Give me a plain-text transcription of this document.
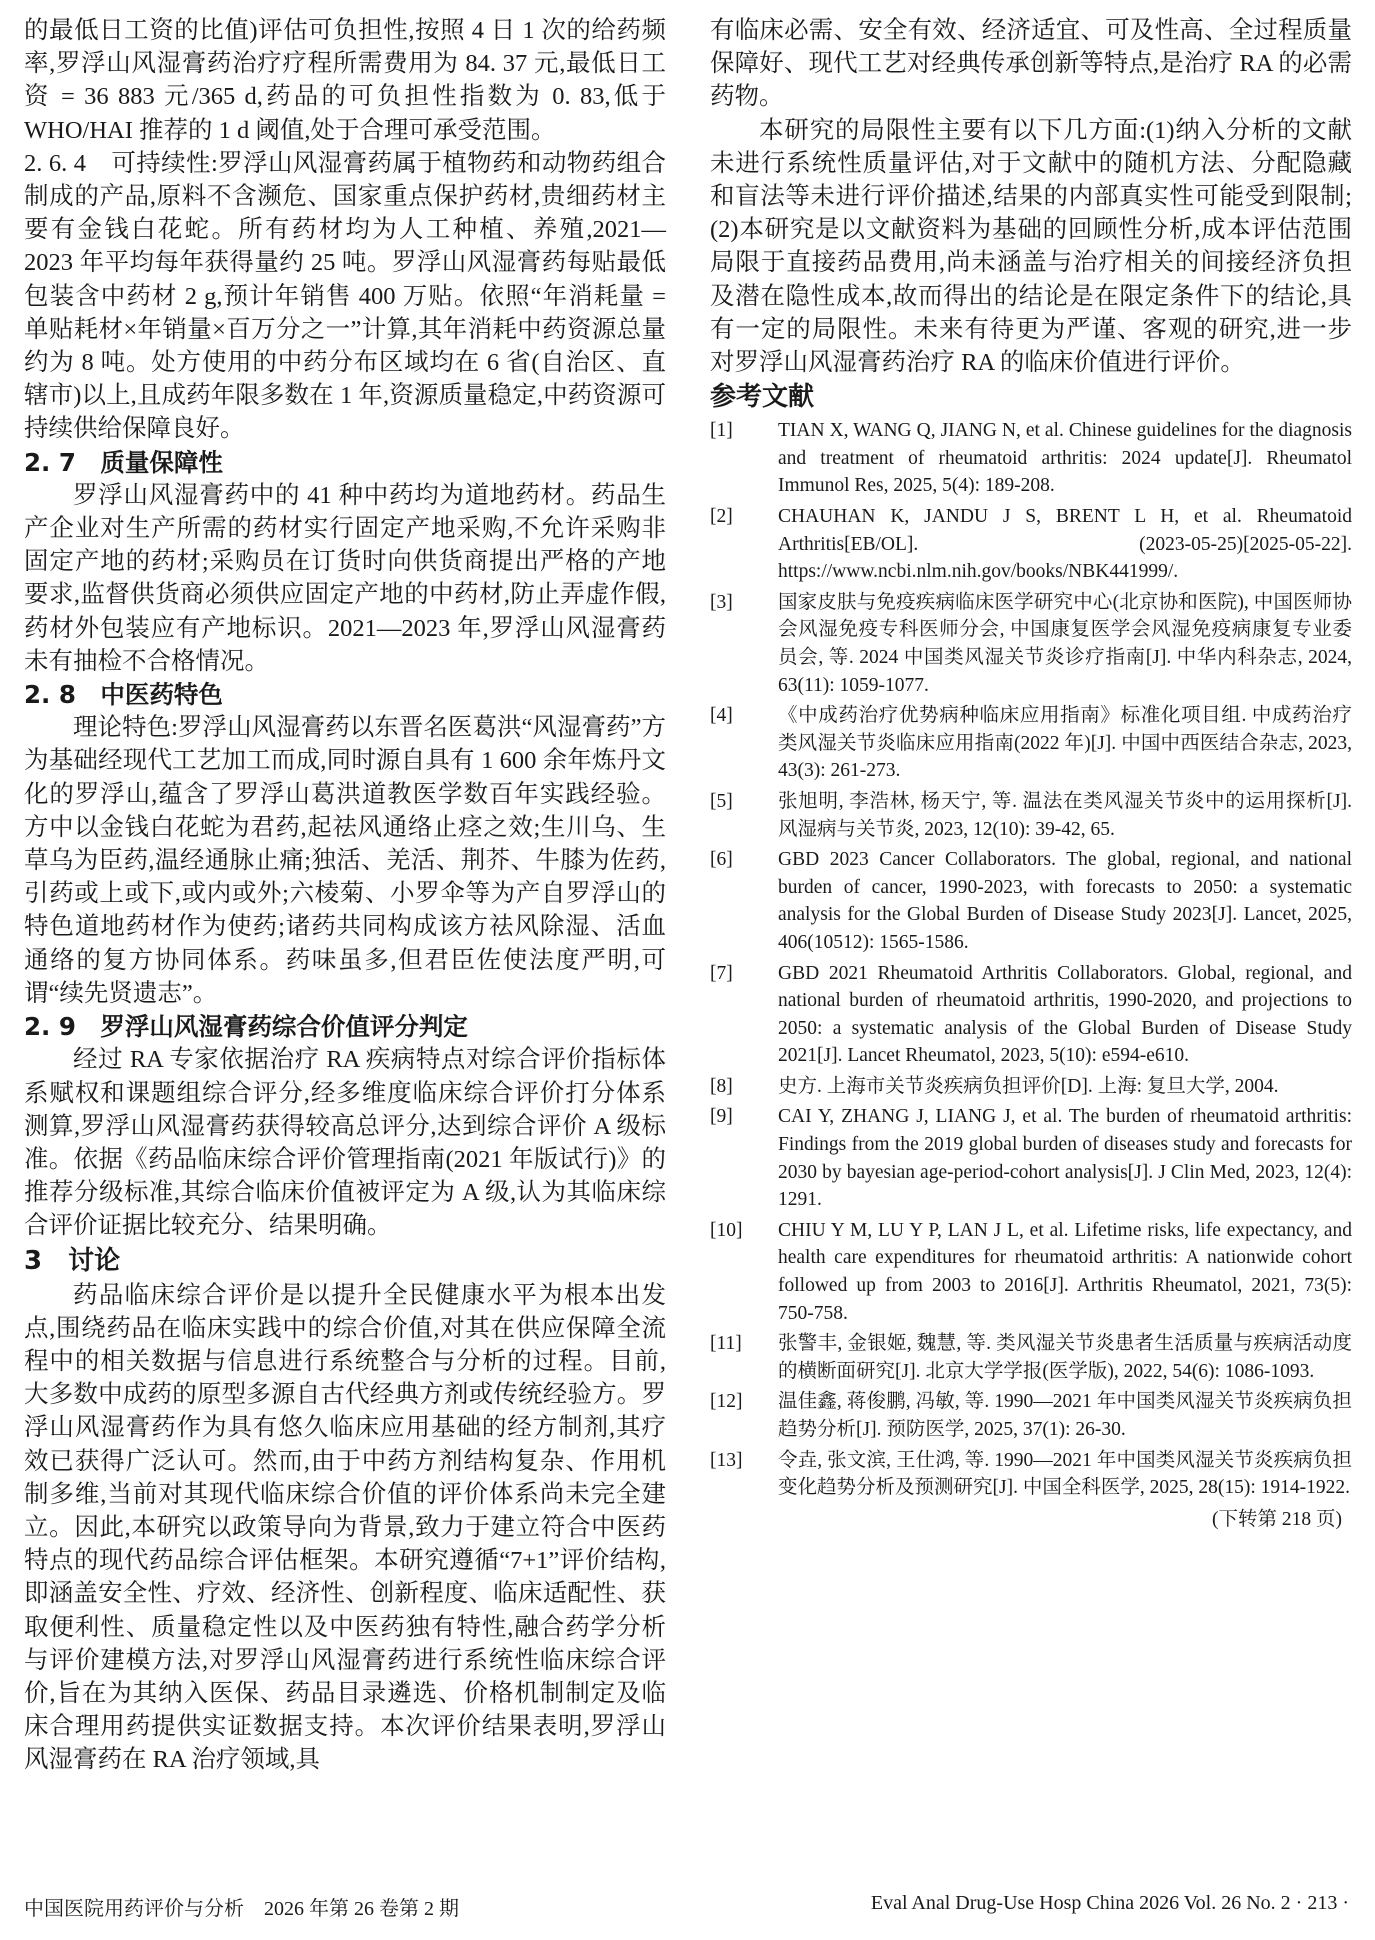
的最低日工资的比值)评估可负担性,按照 4 日 1 次的给药频率,罗浮山风湿膏药治疗疗程所需费用为 84. 37 元,最低日工资 = 36 883 元/365 d,药品的可负担性指数为 0. 83,低于 WHO/HAI 推荐的 1 d 阈值,处于合理可承受范围。

2. 6. 4　可持续性:罗浮山风湿膏药属于植物药和动物药组合制成的产品,原料不含濒危、国家重点保护药材,贵细药材主要有金钱白花蛇。所有药材均为人工种植、养殖,2021—2023 年平均每年获得量约 25 吨。罗浮山风湿膏药每贴最低包装含中药材 2 g,预计年销售 400 万贴。依照“年消耗量 = 单贴耗材×年销量×百万分之一”计算,其年消耗中药资源总量约为 8 吨。处方使用的中药分布区域均在 6 省(自治区、直辖市)以上,且成药年限多数在 1 年,资源质量稳定,中药资源可持续供给保障良好。

2. 7　质量保障性

罗浮山风湿膏药中的 41 种中药均为道地药材。药品生产企业对生产所需的药材实行固定产地采购,不允许采购非固定产地的药材;采购员在订货时向供货商提出严格的产地要求,监督供货商必须供应固定产地的中药材,防止弄虚作假,药材外包装应有产地标识。2021—2023 年,罗浮山风湿膏药未有抽检不合格情况。

2. 8　中医药特色

理论特色:罗浮山风湿膏药以东晋名医葛洪“风湿膏药”方为基础经现代工艺加工而成,同时源自具有 1 600 余年炼丹文化的罗浮山,蕴含了罗浮山葛洪道教医学数百年实践经验。方中以金钱白花蛇为君药,起祛风通络止痉之效;生川乌、生草乌为臣药,温经通脉止痛;独活、羌活、荆芥、牛膝为佐药,引药或上或下,或内或外;六棱菊、小罗伞等为产自罗浮山的特色道地药材作为使药;诸药共同构成该方祛风除湿、活血通络的复方协同体系。药味虽多,但君臣佐使法度严明,可谓“续先贤遗志”。

2. 9　罗浮山风湿膏药综合价值评分判定

经过 RA 专家依据治疗 RA 疾病特点对综合评价指标体系赋权和课题组综合评分,经多维度临床综合评价打分体系测算,罗浮山风湿膏药获得较高总评分,达到综合评价 A 级标准。依据《药品临床综合评价管理指南(2021 年版试行)》的推荐分级标准,其综合临床价值被评定为 A 级,认为其临床综合评价证据比较充分、结果明确。

3　讨论

药品临床综合评价是以提升全民健康水平为根本出发点,围绕药品在临床实践中的综合价值,对其在供应保障全流程中的相关数据与信息进行系统整合与分析的过程。目前,大多数中成药的原型多源自古代经典方剂或传统经验方。罗浮山风湿膏药作为具有悠久临床应用基础的经方制剂,其疗效已获得广泛认可。然而,由于中药方剂结构复杂、作用机制多维,当前对其现代临床综合价值的评价体系尚未完全建立。因此,本研究以政策导向为背景,致力于建立符合中医药特点的现代药品综合评估框架。本研究遵循“7+1”评价结构,即涵盖安全性、疗效、经济性、创新程度、临床适配性、获取便利性、质量稳定性以及中医药独有特性,融合药学分析与评价建模方法,对罗浮山风湿膏药进行系统性临床综合评价,旨在为其纳入医保、药品目录遴选、价格机制制定及临床合理用药提供实证数据支持。本次评价结果表明,罗浮山风湿膏药在 RA 治疗领域,具

有临床必需、安全有效、经济适宜、可及性高、全过程质量保障好、现代工艺对经典传承创新等特点,是治疗 RA 的必需药物。

本研究的局限性主要有以下几方面:(1)纳入分析的文献未进行系统性质量评估,对于文献中的随机方法、分配隐藏和盲法等未进行评价描述,结果的内部真实性可能受到限制;(2)本研究是以文献资料为基础的回顾性分析,成本评估范围局限于直接药品费用,尚未涵盖与治疗相关的间接经济负担及潜在隐性成本,故而得出的结论是在限定条件下的结论,具有一定的局限性。未来有待更为严谨、客观的研究,进一步对罗浮山风湿膏药治疗 RA 的临床价值进行评价。

参考文献
[1]	TIAN X, WANG Q, JIANG N, et al. Chinese guidelines for the diagnosis and treatment of rheumatoid arthritis: 2024 update[J]. Rheumatol Immunol Res, 2025, 5(4): 189-208.
[2]	CHAUHAN K, JANDU J S, BRENT L H, et al. Rheumatoid Arthritis[EB/OL]. (2023-05-25)[2025-05-22]. https://www.ncbi.nlm.nih.gov/books/NBK441999/.
[3]	国家皮肤与免疫疾病临床医学研究中心(北京协和医院), 中国医师协会风湿免疫专科医师分会, 中国康复医学会风湿免疫病康复专业委员会, 等. 2024 中国类风湿关节炎诊疗指南[J]. 中华内科杂志, 2024, 63(11): 1059-1077.
[4]	《中成药治疗优势病种临床应用指南》标准化项目组. 中成药治疗类风湿关节炎临床应用指南(2022 年)[J]. 中国中西医结合杂志, 2023, 43(3): 261-273.
[5]	张旭明, 李浩林, 杨天宁, 等. 温法在类风湿关节炎中的运用探析[J]. 风湿病与关节炎, 2023, 12(10): 39-42, 65.
[6]	GBD 2023 Cancer Collaborators. The global, regional, and national burden of cancer, 1990-2023, with forecasts to 2050: a systematic analysis for the Global Burden of Disease Study 2023[J]. Lancet, 2025, 406(10512): 1565-1586.
[7]	GBD 2021 Rheumatoid Arthritis Collaborators. Global, regional, and national burden of rheumatoid arthritis, 1990-2020, and projections to 2050: a systematic analysis of the Global Burden of Disease Study 2021[J]. Lancet Rheumatol, 2023, 5(10): e594-e610.
[8]	史方. 上海市关节炎疾病负担评价[D]. 上海: 复旦大学, 2004.
[9]	CAI Y, ZHANG J, LIANG J, et al. The burden of rheumatoid arthritis: Findings from the 2019 global burden of diseases study and forecasts for 2030 by bayesian age-period-cohort analysis[J]. J Clin Med, 2023, 12(4): 1291.
[10]	CHIU Y M, LU Y P, LAN J L, et al. Lifetime risks, life expectancy, and health care expenditures for rheumatoid arthritis: A nationwide cohort followed up from 2003 to 2016[J]. Arthritis Rheumatol, 2021, 73(5): 750-758.
[11]	张警丰, 金银姬, 魏慧, 等. 类风湿关节炎患者生活质量与疾病活动度的横断面研究[J]. 北京大学学报(医学版), 2022, 54(6): 1086-1093.
[12]	温佳鑫, 蒋俊鹏, 冯敏, 等. 1990—2021 年中国类风湿关节炎疾病负担趋势分析[J]. 预防医学, 2025, 37(1): 26-30.
[13]	令垚, 张文滨, 王仕鸿, 等. 1990—2021 年中国类风湿关节炎疾病负担变化趋势分析及预测研究[J]. 中国全科医学, 2025, 28(15): 1914-1922.
(下转第 218 页)
中国医院用药评价与分析　2026 年第 26 卷第 2 期	Eval Anal Drug-Use Hosp China 2026 Vol. 26 No. 2 · 213 ·
